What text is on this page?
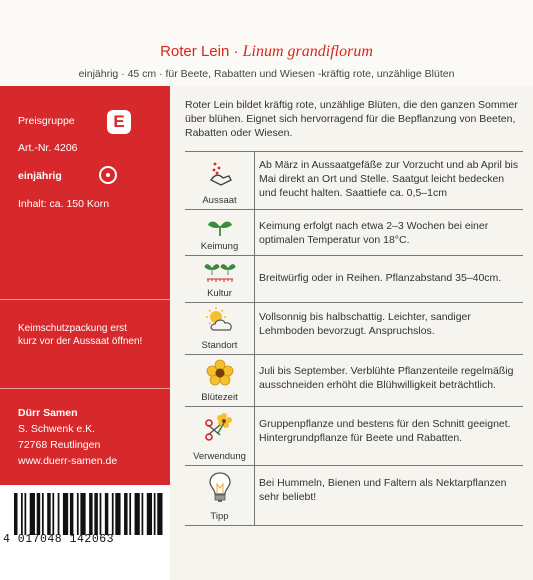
Roter Lein · Linum grandiflorum
einjährig · 45 cm · für Beete, Rabatten und Wiesen -kräftig rote, unzählige Blüten
Preisgruppe	E
Art.-Nr. 4206
einjährig
Inhalt: ca. 150 Korn
Keimschutzpackung erst kurz vor der Aussaat öffnen!
Dürr Samen
S. Schwenk e.K.
72768 Reutlingen
www.duerr-samen.de
4 017048 142063
Roter Lein bildet kräftig rote, unzählige Blüten, die den ganzen Sommer über blühen. Eignet sich hervorragend für die Bepflanzung von Beeten, Rabatten oder Wiesen.
Aussaat
Ab März in Aussaatgefäße zur Vorzucht und ab April bis Mai direkt an Ort und Stelle. Saatgut leicht bedecken und feucht halten. Saattiefe ca. 0,5–1cm
Keimung
Keimung erfolgt nach etwa 2–3 Wochen bei einer optimalen Temperatur von 18°C.
Kultur
Breitwürfig oder in Reihen. Pflanzabstand 35–40cm.
Standort
Vollsonnig bis halbschattig. Leichter, sandiger Lehmboden bevorzugt. Anspruchslos.
Blütezeit
Juli bis September. Verblühte Pflanzenteile regelmäßig ausschneiden erhöht die Blühwilligkeit beträchtlich.
Verwendung
Gruppenpflanze und bestens für den Schnitt geeignet. Hintergrundpflanze für Beete und Rabatten.
Tipp
Bei Hummeln, Bienen und Faltern als Nektarpflanzen sehr beliebt!
